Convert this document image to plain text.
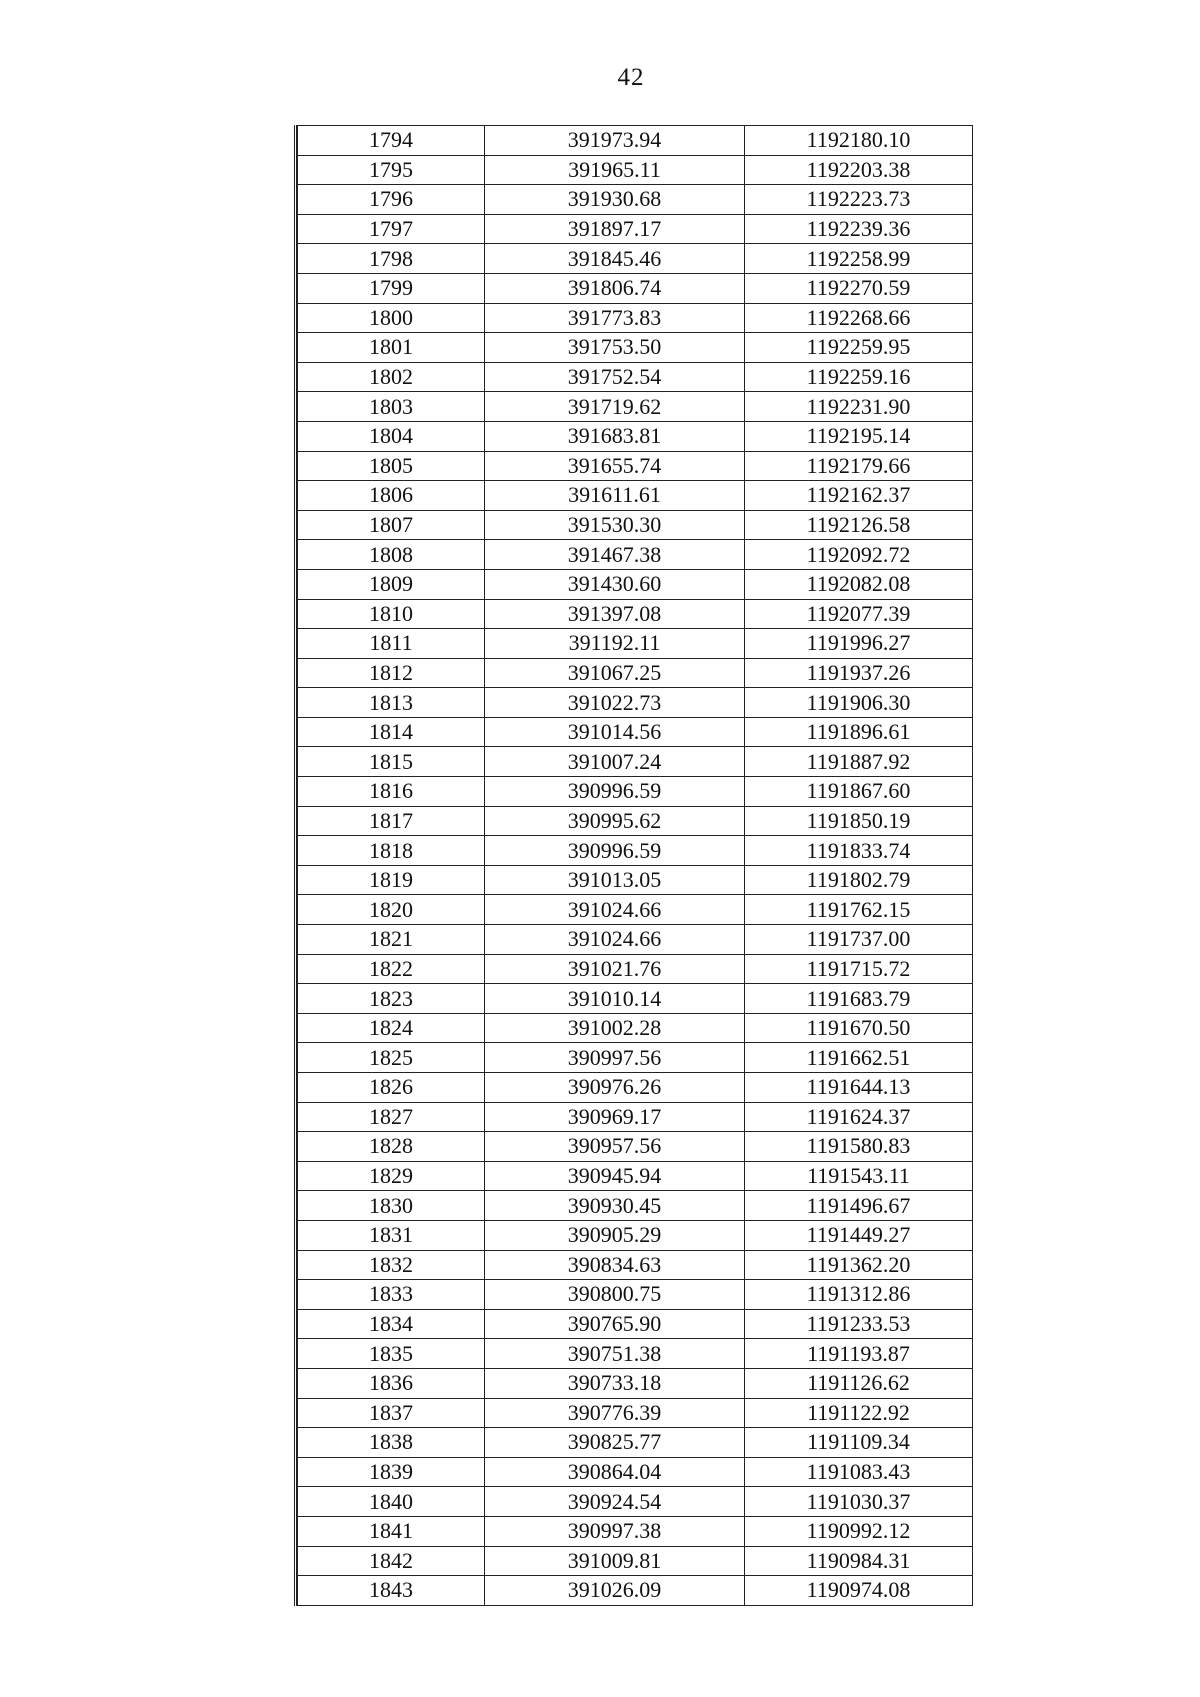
42
1794	391973.94	1192180.10
1795	391965.11	1192203.38
1796	391930.68	1192223.73
1797	391897.17	1192239.36
1798	391845.46	1192258.99
1799	391806.74	1192270.59
1800	391773.83	1192268.66
1801	391753.50	1192259.95
1802	391752.54	1192259.16
1803	391719.62	1192231.90
1804	391683.81	1192195.14
1805	391655.74	1192179.66
1806	391611.61	1192162.37
1807	391530.30	1192126.58
1808	391467.38	1192092.72
1809	391430.60	1192082.08
1810	391397.08	1192077.39
1811	391192.11	1191996.27
1812	391067.25	1191937.26
1813	391022.73	1191906.30
1814	391014.56	1191896.61
1815	391007.24	1191887.92
1816	390996.59	1191867.60
1817	390995.62	1191850.19
1818	390996.59	1191833.74
1819	391013.05	1191802.79
1820	391024.66	1191762.15
1821	391024.66	1191737.00
1822	391021.76	1191715.72
1823	391010.14	1191683.79
1824	391002.28	1191670.50
1825	390997.56	1191662.51
1826	390976.26	1191644.13
1827	390969.17	1191624.37
1828	390957.56	1191580.83
1829	390945.94	1191543.11
1830	390930.45	1191496.67
1831	390905.29	1191449.27
1832	390834.63	1191362.20
1833	390800.75	1191312.86
1834	390765.90	1191233.53
1835	390751.38	1191193.87
1836	390733.18	1191126.62
1837	390776.39	1191122.92
1838	390825.77	1191109.34
1839	390864.04	1191083.43
1840	390924.54	1191030.37
1841	390997.38	1190992.12
1842	391009.81	1190984.31
1843	391026.09	1190974.08
